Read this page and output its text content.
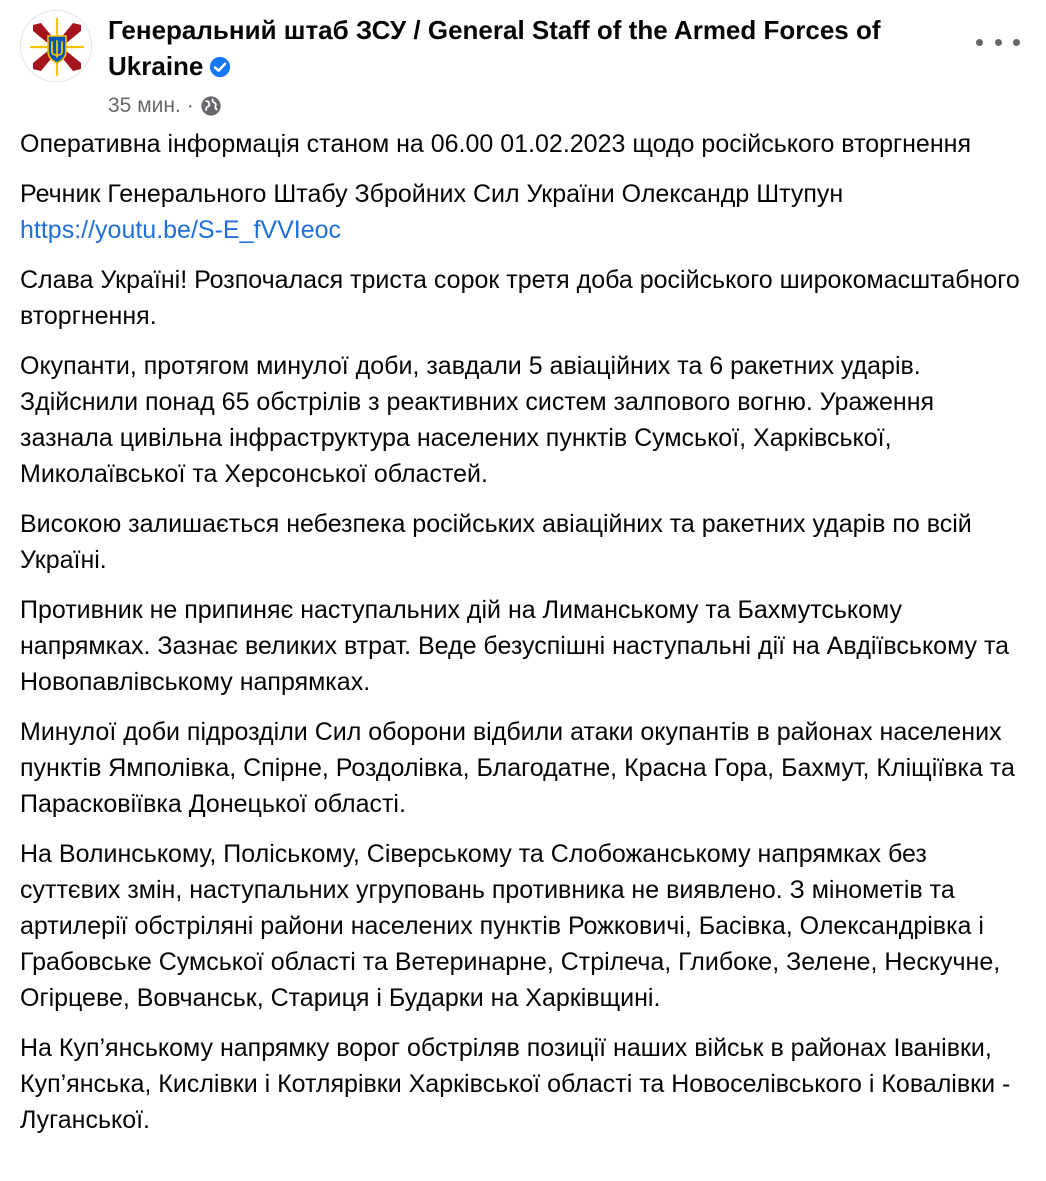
Генеральний штаб ЗСУ / General Staff of the Armed Forces of Ukraine
35 мин. ·

Оперативна інформація станом на 06.00 01.02.2023 щодо російського вторгнення

Речник Генерального Штабу Збройних Сил України Олександр Штупун
https://youtu.be/S-E_fVVIeoc

Слава Україні! Розпочалася триста сорок третя доба російського широкомасштабного вторгнення.

Окупанти, протягом минулої доби, завдали 5 авіаційних та 6 ракетних ударів. Здійснили понад 65 обстрілів з реактивних систем залпового вогню. Ураження зазнала цивільна інфраструктура населених пунктів Сумської, Харківської, Миколаївської та Херсонської областей.

Високою залишається небезпека російських авіаційних та ракетних ударів по всій Україні.

Противник не припиняє наступальних дій на Лиманському та Бахмутському напрямках. Зазнає великих втрат. Веде безуспішні наступальні дії на Авдіївському та Новопавлівському напрямках.

Минулої доби підрозділи Сил оборони відбили атаки окупантів в районах населених пунктів Ямполівка, Спірне, Роздолівка, Благодатне, Красна Гора, Бахмут, Кліщіївка та Парасковіївка Донецької області.

На Волинському, Поліському, Сіверському та Слобожанському напрямках без суттєвих змін, наступальних угруповань противника не виявлено. З мінометів та артилерії обстріляні райони населених пунктів Рожковичі, Басівка, Олександрівка і Грабовське Сумської області та Ветеринарне, Стрілеча, Глибоке, Зелене, Нескучне, Огірцеве, Вовчанськ, Стариця і Бударки на Харківщині.

На Куп’янському напрямку ворог обстріляв позиції наших військ в районах Іванівки, Куп’янська, Кислівки і Котлярівки Харківської області та Новоселівського і Ковалівки - Луганської.
